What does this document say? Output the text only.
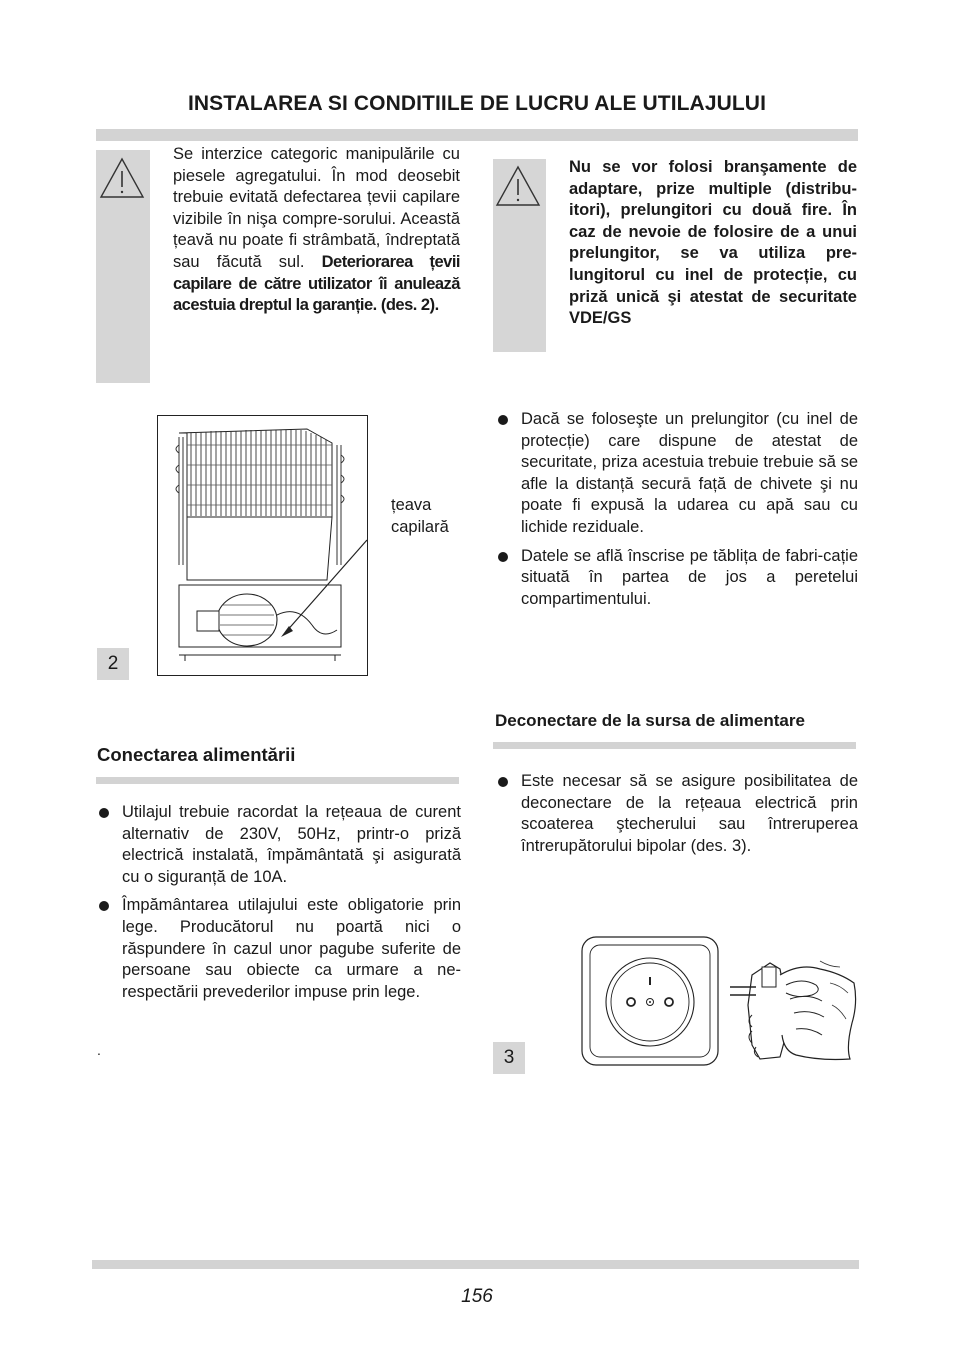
INSTALAREA SI CONDITIILE DE LUCRU ALE UTILAJULUI
Se interzice categoric manipulările cu piesele agregatului. În mod deosebit trebuie evitată defectarea țevii capilare vizibile în nişa compre-sorului. Această țeavă nu poate fi strâmbată, îndreptată sau făcută sul. Deteriorarea țevii capilare de către utilizator îi anulează acestuia dreptul la garanție. (des. 2).
Nu se vor folosi branşamente de adaptare, prize multiple (distribu-itori), prelungitori cu două fire. În caz de nevoie de folosire de a unui prelungitor, se va utiliza pre-lungitorul cu inel de protecție, cu priză unică şi atestat de securitate VDE/GS
2
țeava
capilară
Dacă se foloseşte un prelungitor (cu inel de protecție) care dispune de atestat de securitate, priza acestuia trebuie trebuie să se afle la distanță securā față de chivete şi nu poate fi expusă la udarea cu apă sau cu lichide reziduale.
Datele se află înscrise pe tăblița de fabri-cație situată în partea de jos a peretelui compartimentului.
Conectarea alimentării
Utilajul trebuie racordat la rețeaua de curent alternativ de 230V, 50Hz, printr-o priză electrică instalată, împământată şi asigurată cu o siguranță de 10A.
Împământarea utilajului este obligatorie prin lege. Producătorul nu poartă nici o răspundere în cazul unor pagube suferite de persoane sau obiecte ca urmare a ne-respectării prevederilor impuse prin lege.
.
Deconectare de la sursa de alimentare
Este necesar să se asigure posibilitatea de deconectare de la rețeaua electrică prin scoaterea ştecherului sau întreruperea întrerupătorului bipolar (des. 3).
3
156
